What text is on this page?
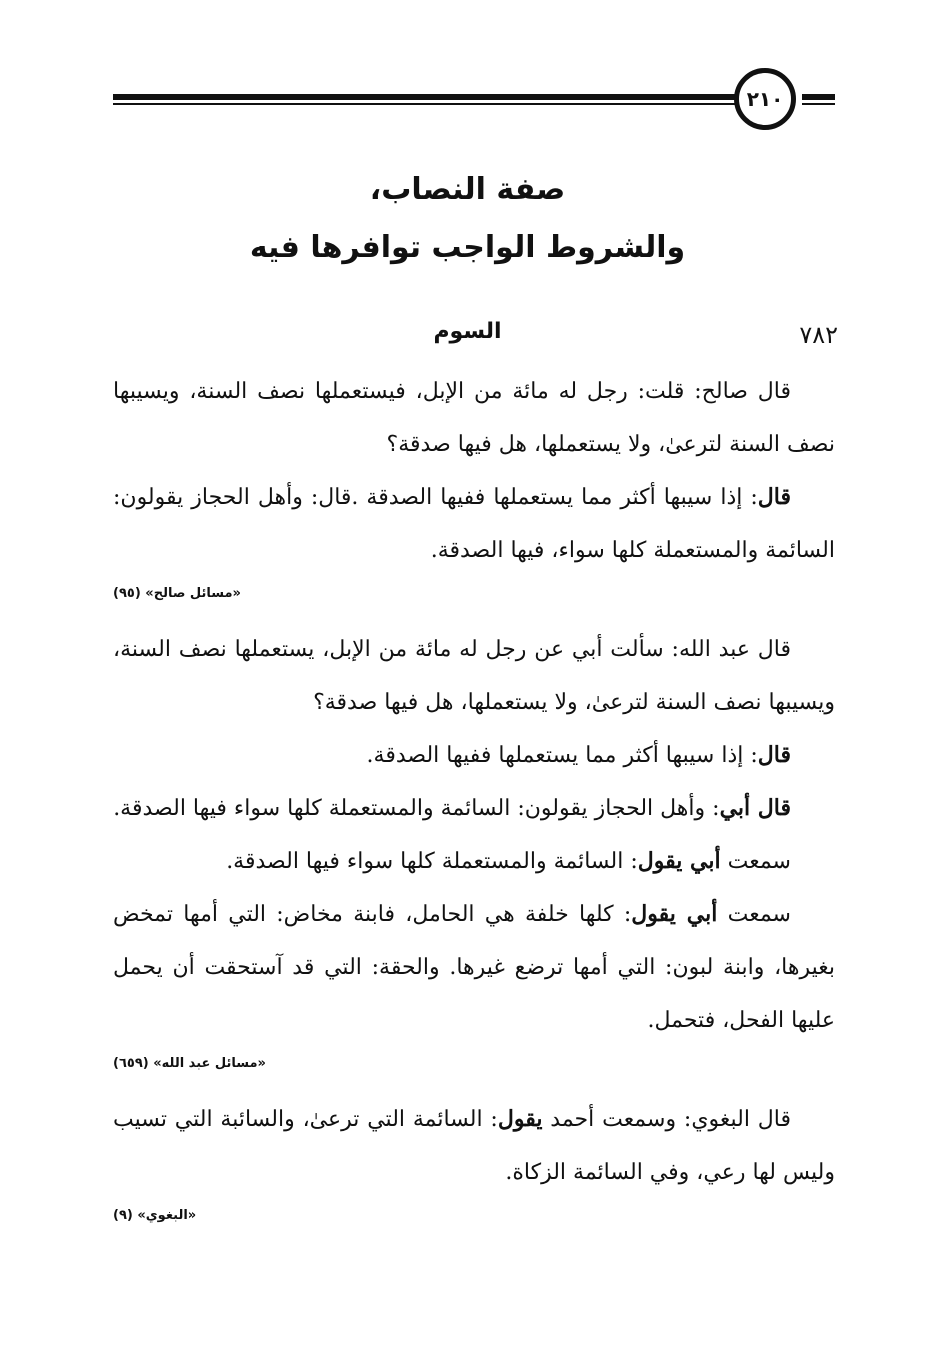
٢١٠
صفة النصاب،
والشروط الواجب توافرها فيه
٧٨٢
السوم

قال صالح: قلت: رجل له مائة من الإبل، فيستعملها نصف السنة، ويسيبها نصف السنة لترعىٰ، ولا يستعملها، هل فيها صدقة؟

قال: إذا سيبها أكثر مما يستعملها ففيها الصدقة .قال: وأهل الحجاز يقولون: السائمة والمستعملة كلها سواء، فيها الصدقة.

«مسائل صالح» (٩٥)

قال عبد الله: سألت أبي عن رجل له مائة من الإبل، يستعملها نصف السنة، ويسيبها نصف السنة لترعىٰ، ولا يستعملها، هل فيها صدقة؟

قال: إذا سيبها أكثر مما يستعملها ففيها الصدقة.

قال أبي: وأهل الحجاز يقولون: السائمة والمستعملة كلها سواء فيها الصدقة.

سمعت أبي يقول: السائمة والمستعملة كلها سواء فيها الصدقة.

سمعت أبي يقول: كلها خلفة هي الحامل، فابنة مخاض: التي أمها تمخض بغيرها، وابنة لبون: التي أمها ترضع غيرها. والحقة: التي قد آستحقت أن يحمل عليها الفحل، فتحمل.

«مسائل عبد الله» (٦٥٩)

قال البغوي: وسمعت أحمد يقول: السائمة التي ترعىٰ، والسائبة التي تسيب وليس لها رعي، وفي السائمة الزكاة.

«البغوي» (٩)
